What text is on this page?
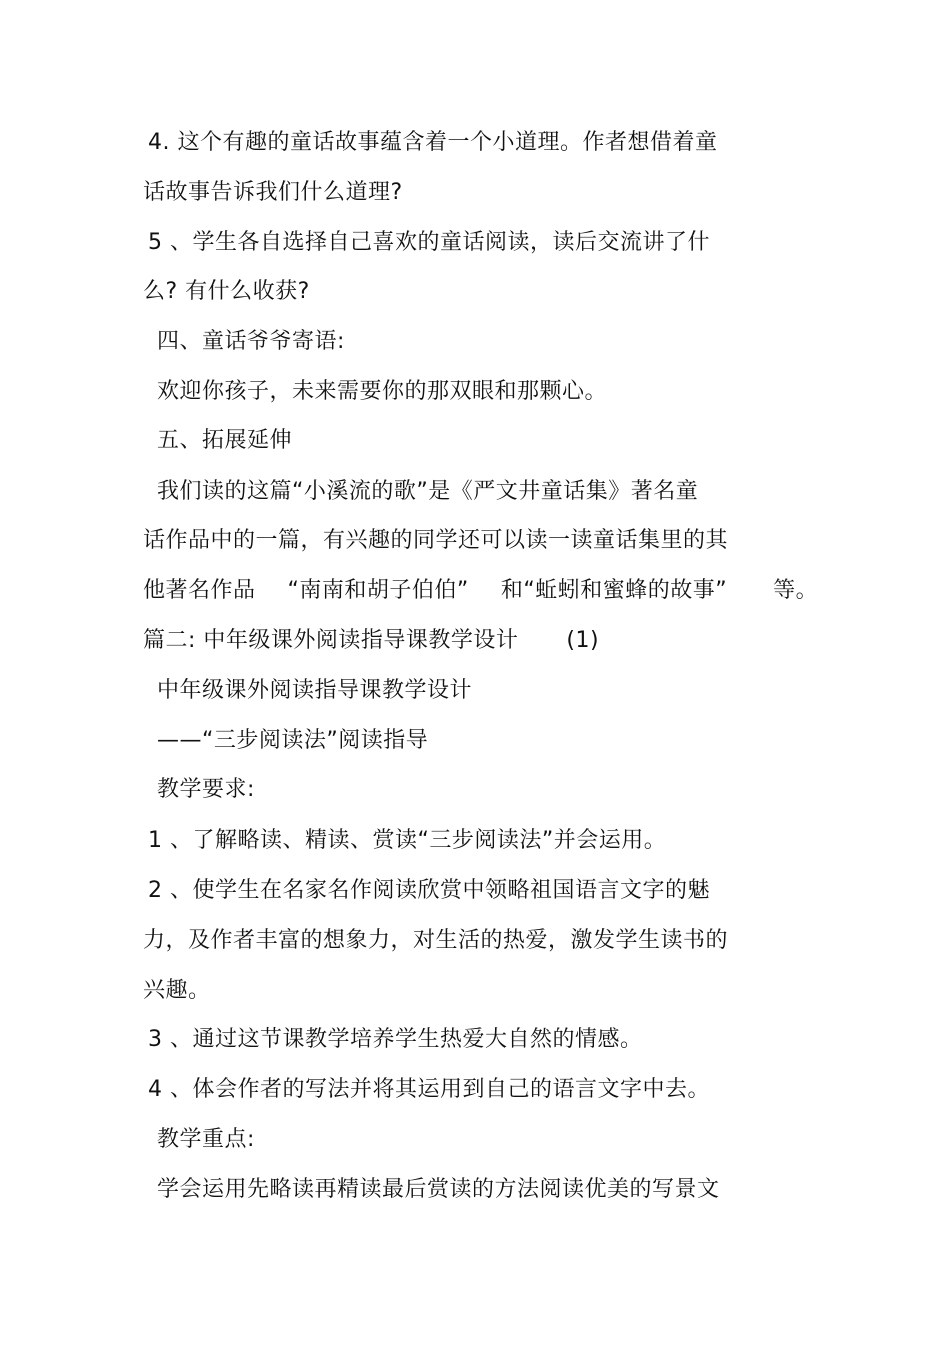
4. 这个有趣的童话故事蕴含着一个小道理。作者想借着童
话故事告诉我们什么道理?
5 、学生各自选择自己喜欢的童话阅读，读后交流讲了什
么? 有什么收获?
四、童话爷爷寄语:
欢迎你孩子，未来需要你的那双眼和那颗心。
五、拓展延伸
我们读的这篇“小溪流的歌”是《严文井童话集》著名童
话作品中的一篇，有兴趣的同学还可以读一读童话集里的其
他著名作品 “南南和胡子伯伯” 和“蚯蚓和蜜蜂的故事” 等。
篇二: 中年级课外阅读指导课教学设计 (1)
中年级课外阅读指导课教学设计
——“三步阅读法”阅读指导
教学要求:
1 、了解略读、精读、赏读“三步阅读法”并会运用。
2 、使学生在名家名作阅读欣赏中领略祖国语言文字的魅
力，及作者丰富的想象力，对生活的热爱，激发学生读书的
兴趣。
3 、通过这节课教学培养学生热爱大自然的情感。
4 、体会作者的写法并将其运用到自己的语言文字中去。
教学重点:
学会运用先略读再精读最后赏读的方法阅读优美的写景文
